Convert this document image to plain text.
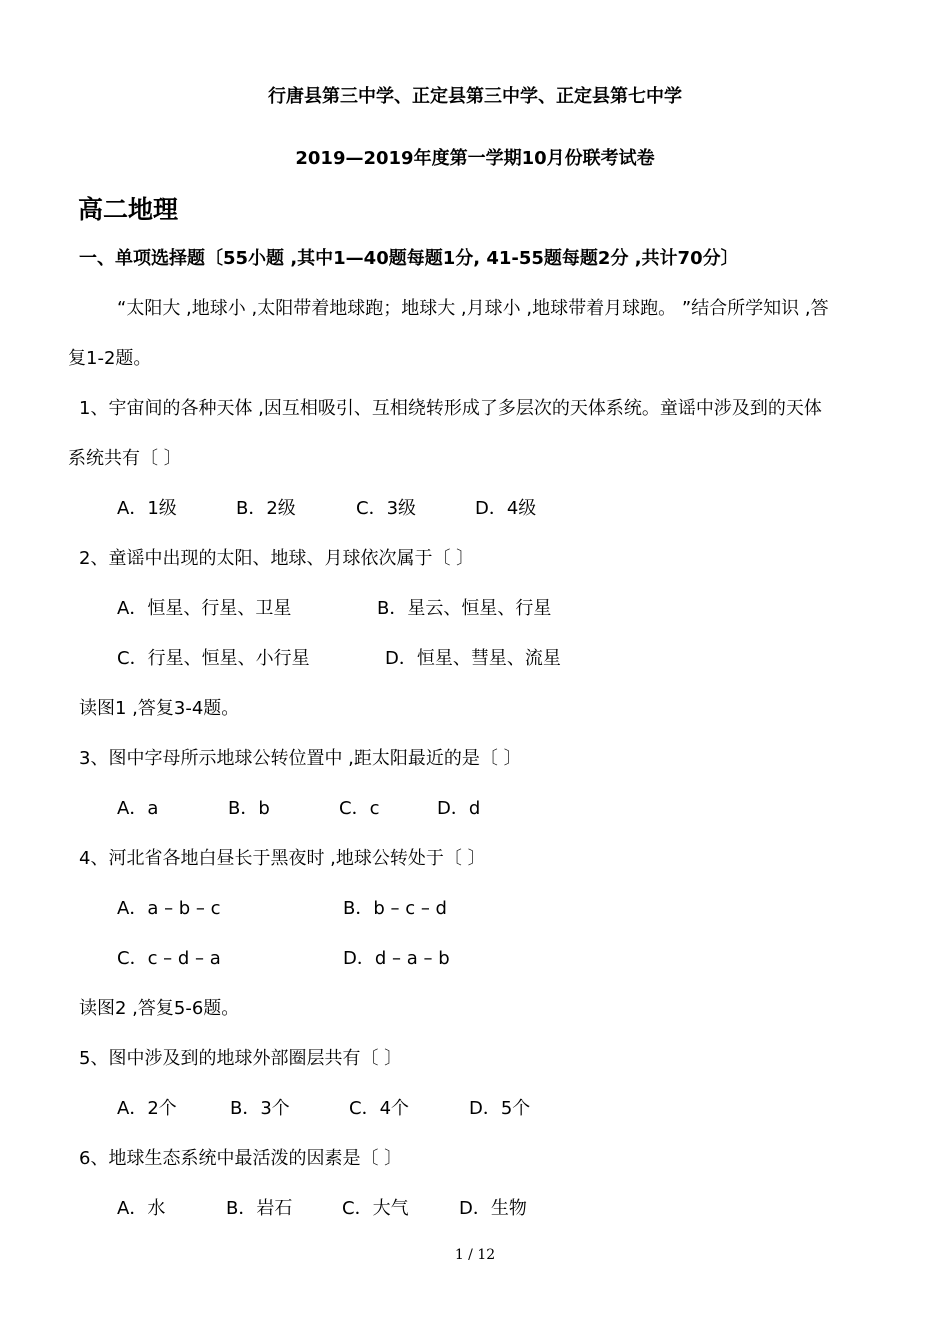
行唐县第三中学、正定县第三中学、正定县第七中学
2019—2019年度第一学期10月份联考试卷
高二地理
一、单项选择题〔55小题 ,其中1—40题每题1分, 41-55题每题2分 ,共计70分〕
“太阳大 ,地球小 ,太阳带着地球跑；地球大 ,月球小 ,地球带着月球跑。 ”结合所学知识 ,答
复1-2题。
1、宇宙间的各种天体 ,因互相吸引、互相绕转形成了多层次的天体系统。童谣中涉及到的天体
系统共有〔 〕
A．1级	B．2级	C．3级	D．4级
2、童谣中出现的太阳、地球、月球依次属于〔 〕
A．恒星、行星、卫星	B．星云、恒星、行星
C．行星、恒星、小行星	D．恒星、彗星、流星
读图1 ,答复3-4题。
3、图中字母所示地球公转位置中 ,距太阳最近的是〔 〕
A．a	B．b	C．c	D．d
4、河北省各地白昼长于黑夜时 ,地球公转处于〔 〕
A．a – b – c	B．b – c – d
C．c – d – a	D．d – a – b
读图2 ,答复5-6题。
5、图中涉及到的地球外部圈层共有〔 〕
A．2个	B．3个	C．4个	D．5个
6、地球生态系统中最活泼的因素是〔 〕
A．水	B．岩石	C．大气	D．生物
1 / 12
